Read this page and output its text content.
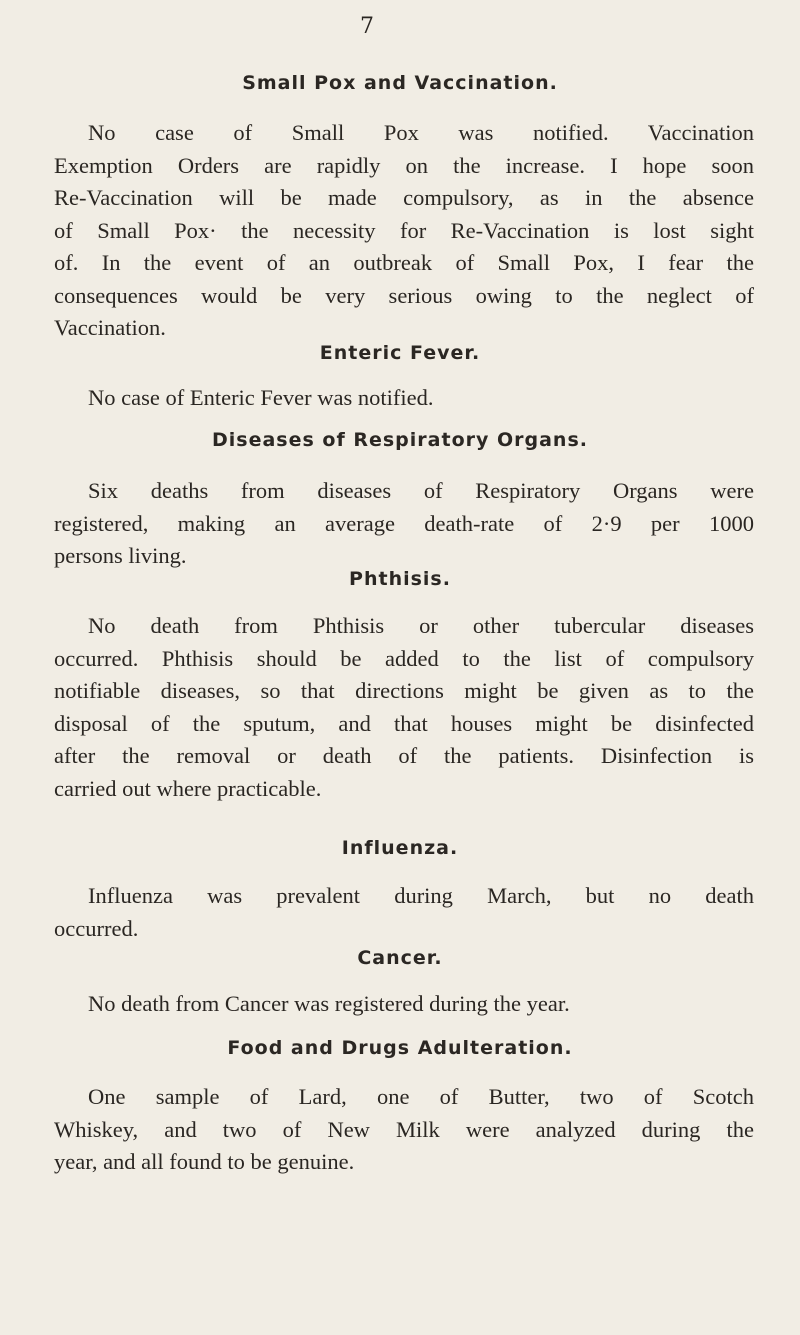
7
Small Pox and Vaccination.
No case of Small Pox was notified. Vaccination
Exemption Orders are rapidly on the increase. I hope soon
Re-Vaccination will be made compulsory, as in the absence
of Small Pox· the necessity for Re-Vaccination is lost sight
of. In the event of an outbreak of Small Pox, I fear the
consequences would be very serious owing to the neglect of
Vaccination.
Enteric Fever.
No case of Enteric Fever was notified.
Diseases of Respiratory Organs.
Six deaths from diseases of Respiratory Organs were
registered, making an average death-rate of 2·9 per 1000
persons living.
Phthisis.
No death from Phthisis or other tubercular diseases
occurred. Phthisis should be added to the list of compulsory
notifiable diseases, so that directions might be given as to the
disposal of the sputum, and that houses might be disinfected
after the removal or death of the patients. Disinfection is
carried out where practicable.
Influenza.
Influenza was prevalent during March, but no death
occurred.
Cancer.
No death from Cancer was registered during the year.
Food and Drugs Adulteration.
One sample of Lard, one of Butter, two of Scotch
Whiskey, and two of New Milk were analyzed during the
year, and all found to be genuine.
